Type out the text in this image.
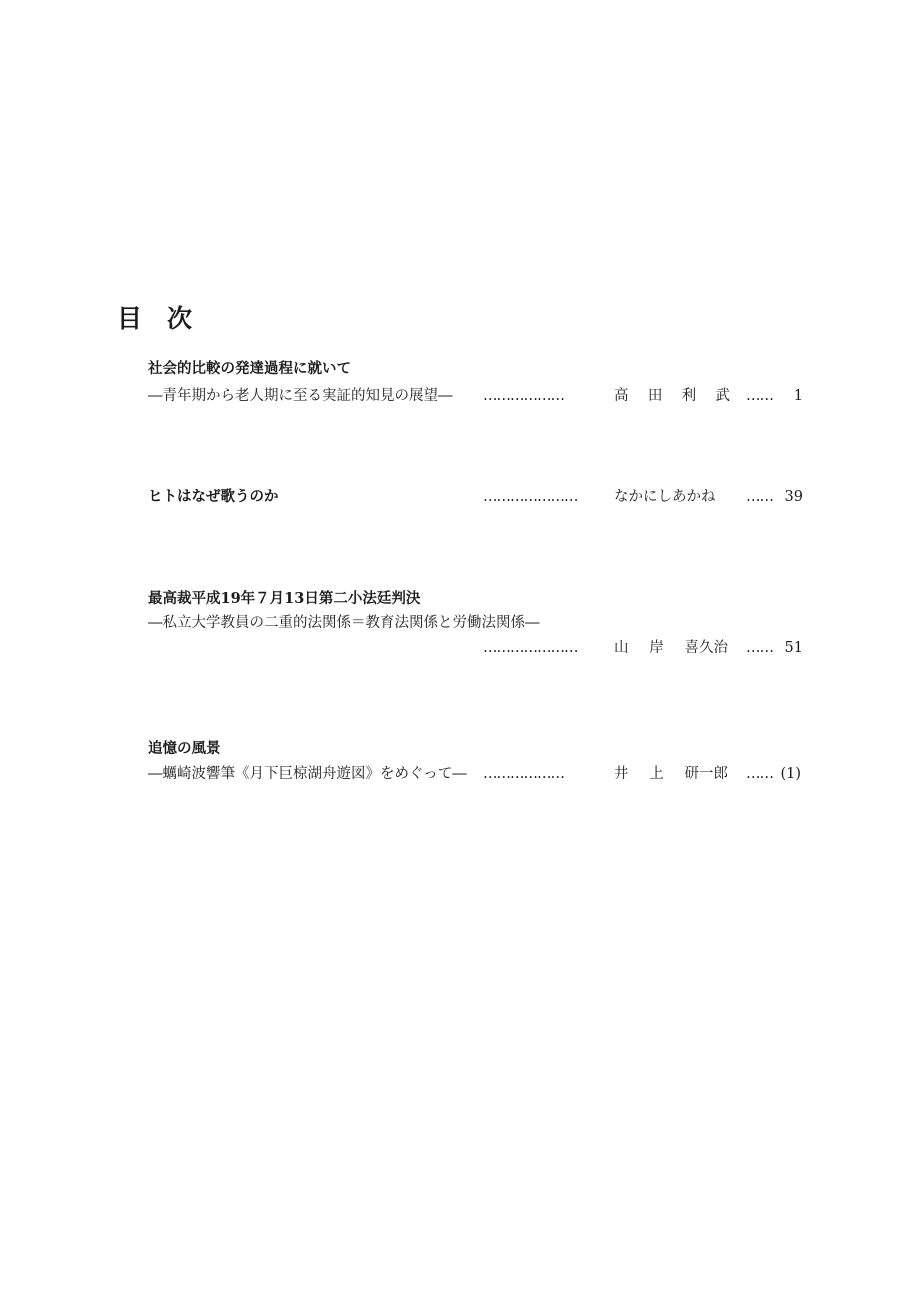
目　次
社会的比較の発達過程に就いて
―青年期から老人期に至る実証的知見の展望― ………………	高 田 利 武 …… 1
ヒトはなぜ歌うのか	…………………	なかにしあかね	…… 39
最高裁平成19年７月13日第二小法廷判決
―私立大学教員の二重的法関係＝教育法関係と労働法関係―
…………………	山 岸 喜久治 …… 51
追憶の風景
―蠣崎波響筆《月下巨椋湖舟遊図》をめぐって― ………………	井 上 研一郎 …… (1)
